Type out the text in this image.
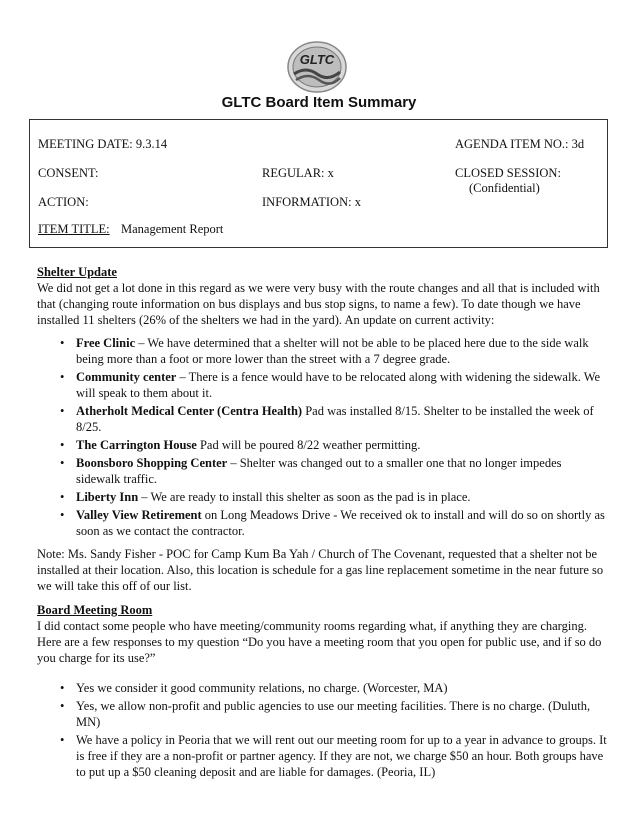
GLTC
GLTC Board Item Summary
MEETING DATE: 9.3.14	AGENDA ITEM NO.: 3d
CONSENT:	REGULAR: x	CLOSED SESSION:
(Confidential)
ACTION:	INFORMATION: x
ITEM TITLE: Management Report
Shelter Update

We did not get a lot done in this regard as we were very busy with the route changes and all that is included with that (changing route information on bus displays and bus stop signs, to name a few). To date though we have installed 11 shelters (26% of the shelters we had in the yard). An update on current activity:

• Free Clinic – We have determined that a shelter will not be able to be placed here due to the side walk being more than a foot or more lower than the street with a 7 degree grade.
• Community center – There is a fence would have to be relocated along with widening the sidewalk. We will speak to them about it.
• Atherholt Medical Center (Centra Health) Pad was installed 8/15. Shelter to be installed the week of 8/25.
• The Carrington House Pad will be poured 8/22 weather permitting.
• Boonsboro Shopping Center – Shelter was changed out to a smaller one that no longer impedes sidewalk traffic.
• Liberty Inn – We are ready to install this shelter as soon as the pad is in place.
• Valley View Retirement on Long Meadows Drive - We received ok to install and will do so on shortly as soon as we contact the contractor.

Note: Ms. Sandy Fisher - POC for Camp Kum Ba Yah / Church of The Covenant, requested that a shelter not be installed at their location. Also, this location is schedule for a gas line replacement sometime in the near future so we will take this off of our list.

Board Meeting Room

I did contact some people who have meeting/community rooms regarding what, if anything they are charging. Here are a few responses to my question “Do you have a meeting room that you open for public use, and if so do you charge for its use?”

• Yes we consider it good community relations, no charge. (Worcester, MA)
• Yes, we allow non-profit and public agencies to use our meeting facilities. There is no charge. (Duluth, MN)
• We have a policy in Peoria that we will rent out our meeting room for up to a year in advance to groups. It is free if they are a non-profit or partner agency. If they are not, we charge $50 an hour. Both groups have to put up a $50 cleaning deposit and are liable for damages. (Peoria, IL)
